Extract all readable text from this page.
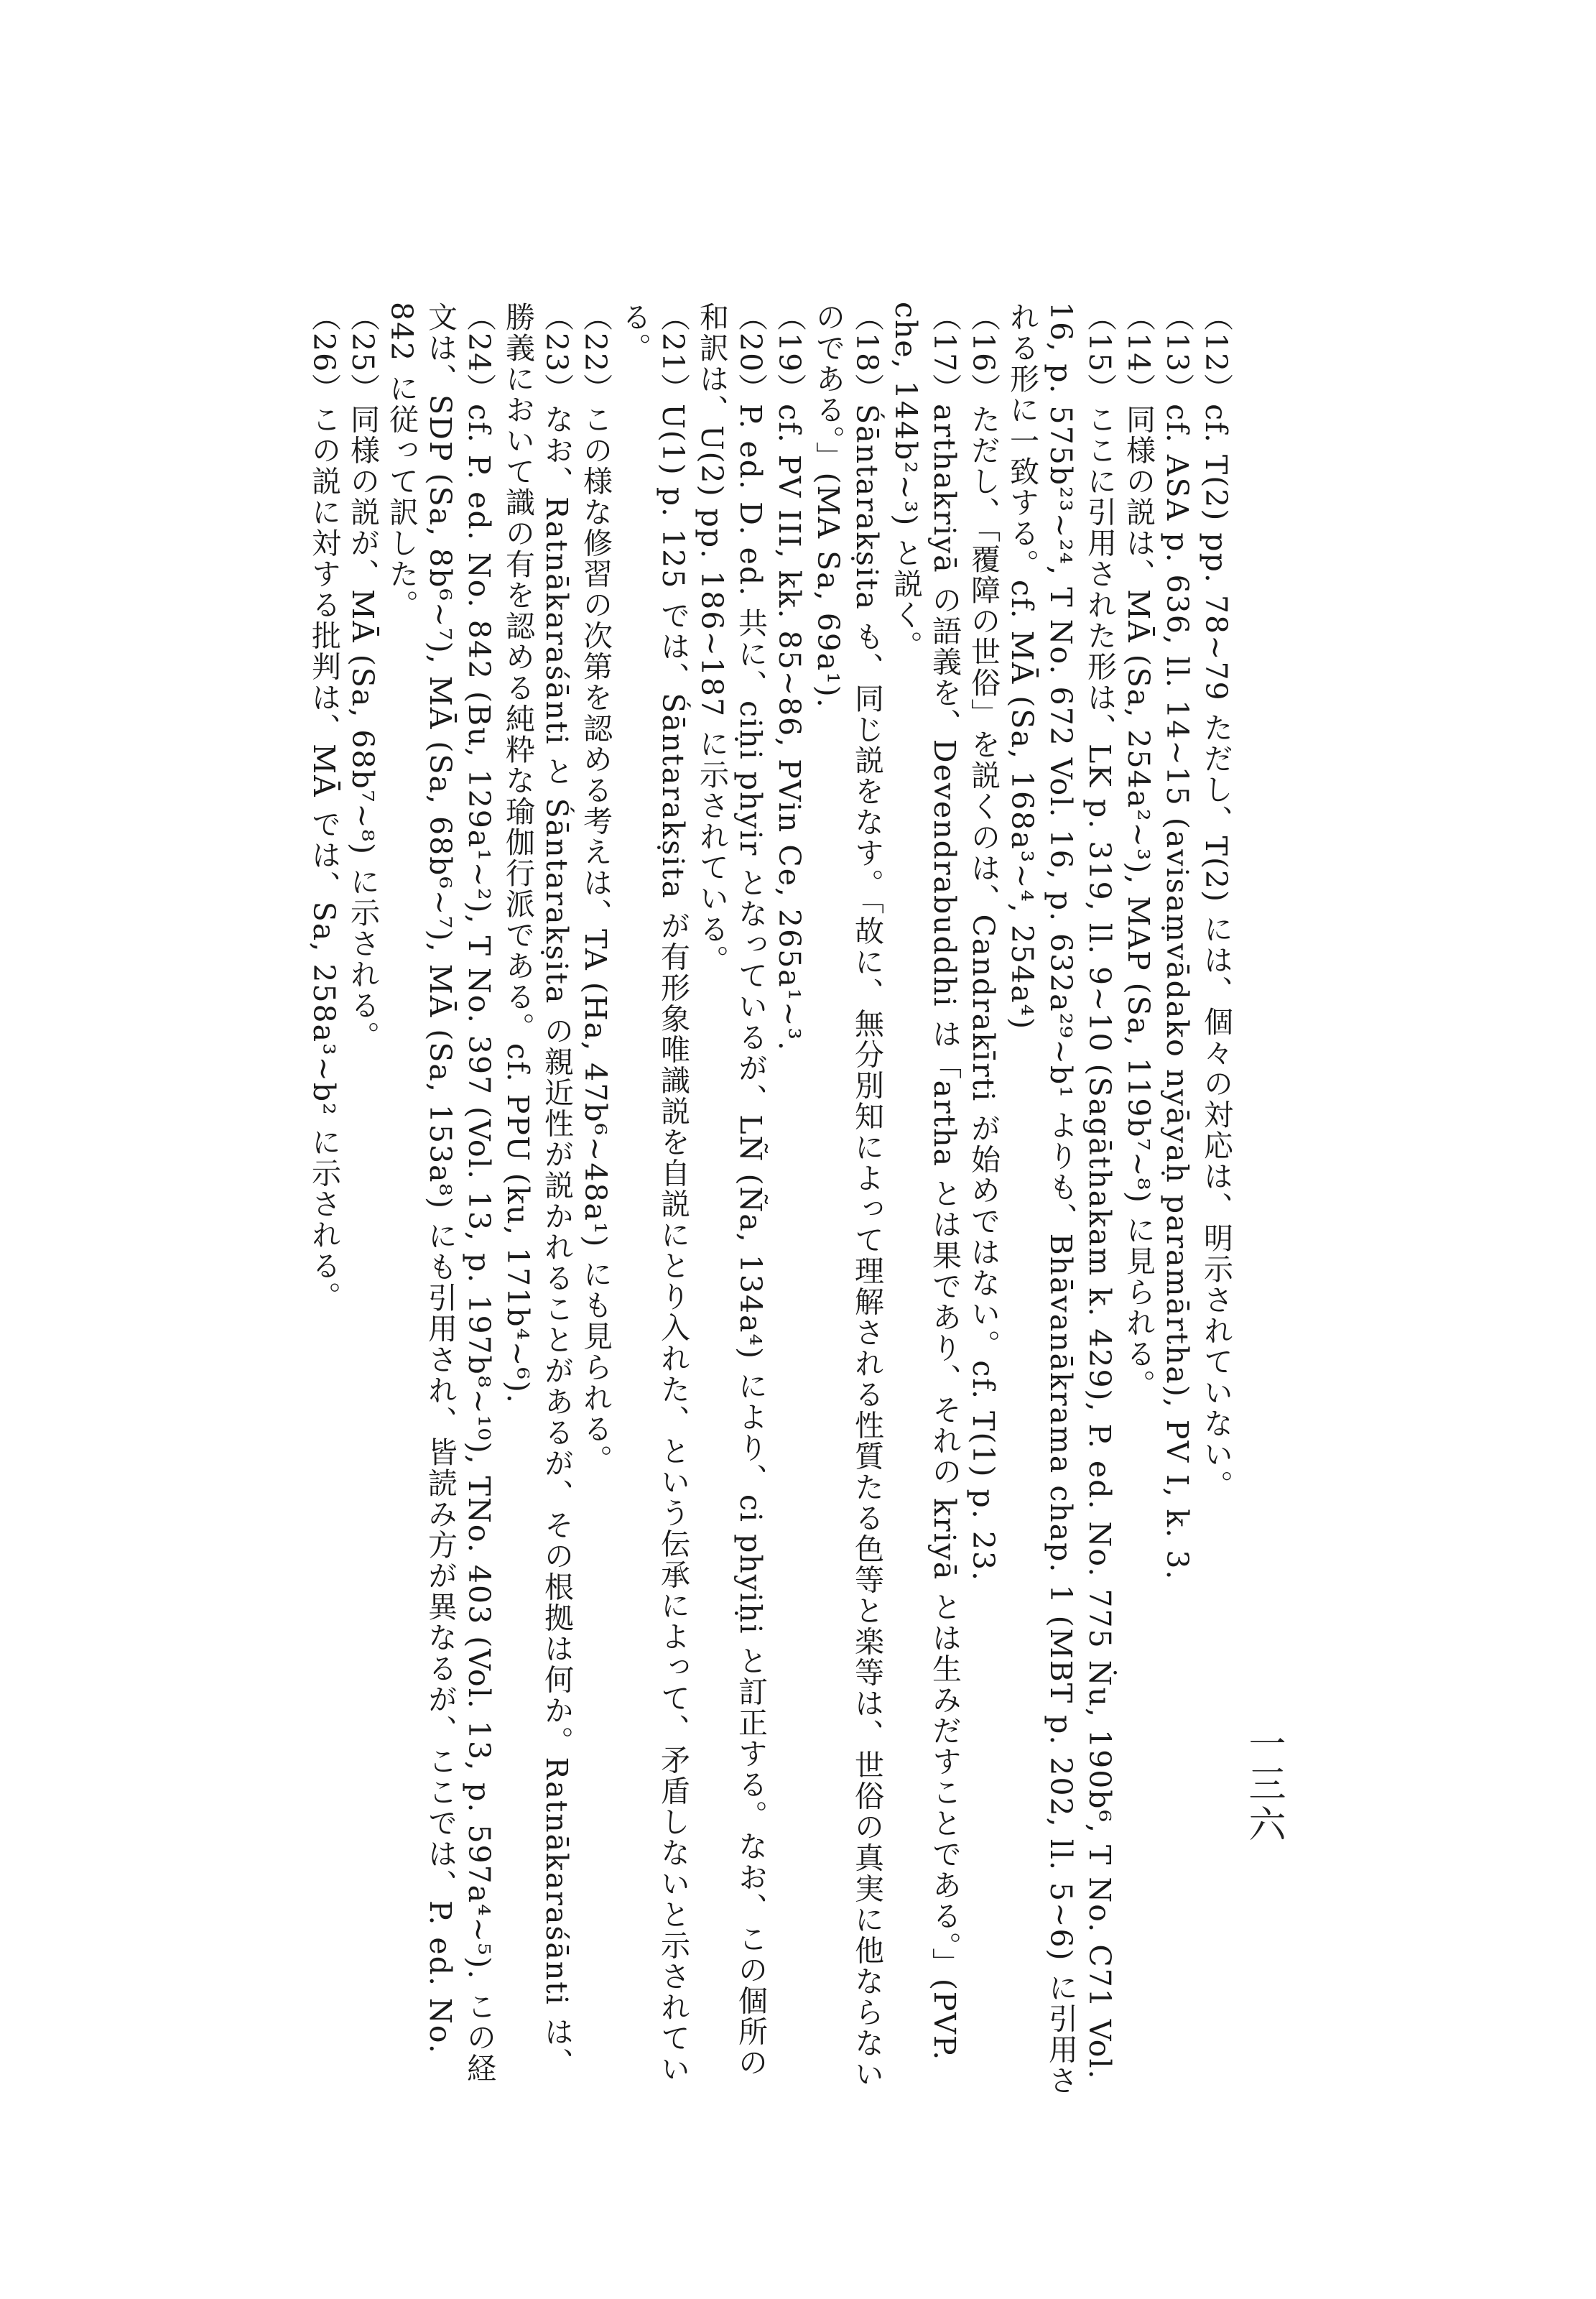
一三六

（12）cf. T(2) pp. 78∼79 ただし、T(2) には、個々の対応は、明示されていない。

（13）cf. ASA p. 636, ll. 14∼15 (avisaṃvādako nyāyaḥ paramārtha), PV I, k. 3.

（14）同様の説は、MĀ (Sa, 254a²∼³), MAP (Sa, 119b⁷∼⁸) に見られる。

（15）ここに引用された形は、LK p. 319, ll. 9∼10 (Sagāthakam k. 429), P. ed. No. 775 Ṅu, 190b⁶, T No. C71 Vol. 16, p. 575b²³∼²⁴, T No. 672 Vol. 16, p. 632a²⁹∼b¹ よりも、Bhāvanākrama chap. 1 (MBT p. 202, ll. 5∼6) に引用される形に一致する。cf. MĀ (Sa, 168a³∼⁴, 254a⁴)

（16）ただし、「覆障の世俗」を説くのは、Candrakīrti が始めではない。cf. T(1) p. 23.

（17）arthakriyā の語義を、Devendrabuddhi は「artha とは果であり、それの kriyā とは生みだすことである。」(PVP. che, 144b²∼³) と説く。

（18）Śāntarakṣita も、同じ説をなす。「故に、無分別知によって理解される性質たる色等と楽等は、世俗の真実に他ならないのである。」(MA Sa, 69a¹).

（19）cf. PV III, kk. 85∼86, PVin Ce, 265a¹∼³.

（20）P. ed. D. ed. 共に、ciḥi phyir となっているが、LÑ (Ña, 134a⁴) により、ci phyiḥi と訂正する。なお、この個所の和訳は、U(2) pp. 186∼187 に示されている。

（21）U(1) p. 125 では、Śāntarakṣita が有形象唯識説を自説にとり入れた、という伝承によって、矛盾しないと示されている。

（22）この様な修習の次第を認める考えは、TA (Ha, 47b⁶∼48a¹) にも見られる。

（23）なお、Ratnākaraśānti と Śāntarakṣita の親近性が説かれることがあるが、その根拠は何か。Ratnākaraśānti は、勝義において識の有を認める純粋な瑜伽行派である。cf. PPU (ku, 171b⁴∼⁶).

（24）cf. P. ed. No. 842 (Bu, 129a¹∼²), T No. 397 (Vol. 13, p. 197b⁸∼¹⁰), TNo. 403 (Vol. 13, p. 597a⁴∼⁵). この経文は、SDP (Sa, 8b⁶∼⁷), MĀ (Sa, 68b⁶∼⁷), MĀ (Sa, 153a⁸) にも引用され、皆読み方が異なるが、ここでは、P. ed. No. 842 に従って訳した。

（25）同様の説が、MĀ (Sa, 68b⁷∼⁸) に示される。

（26）この説に対する批判は、MĀ では、Sa, 258a³∼b² に示される。
